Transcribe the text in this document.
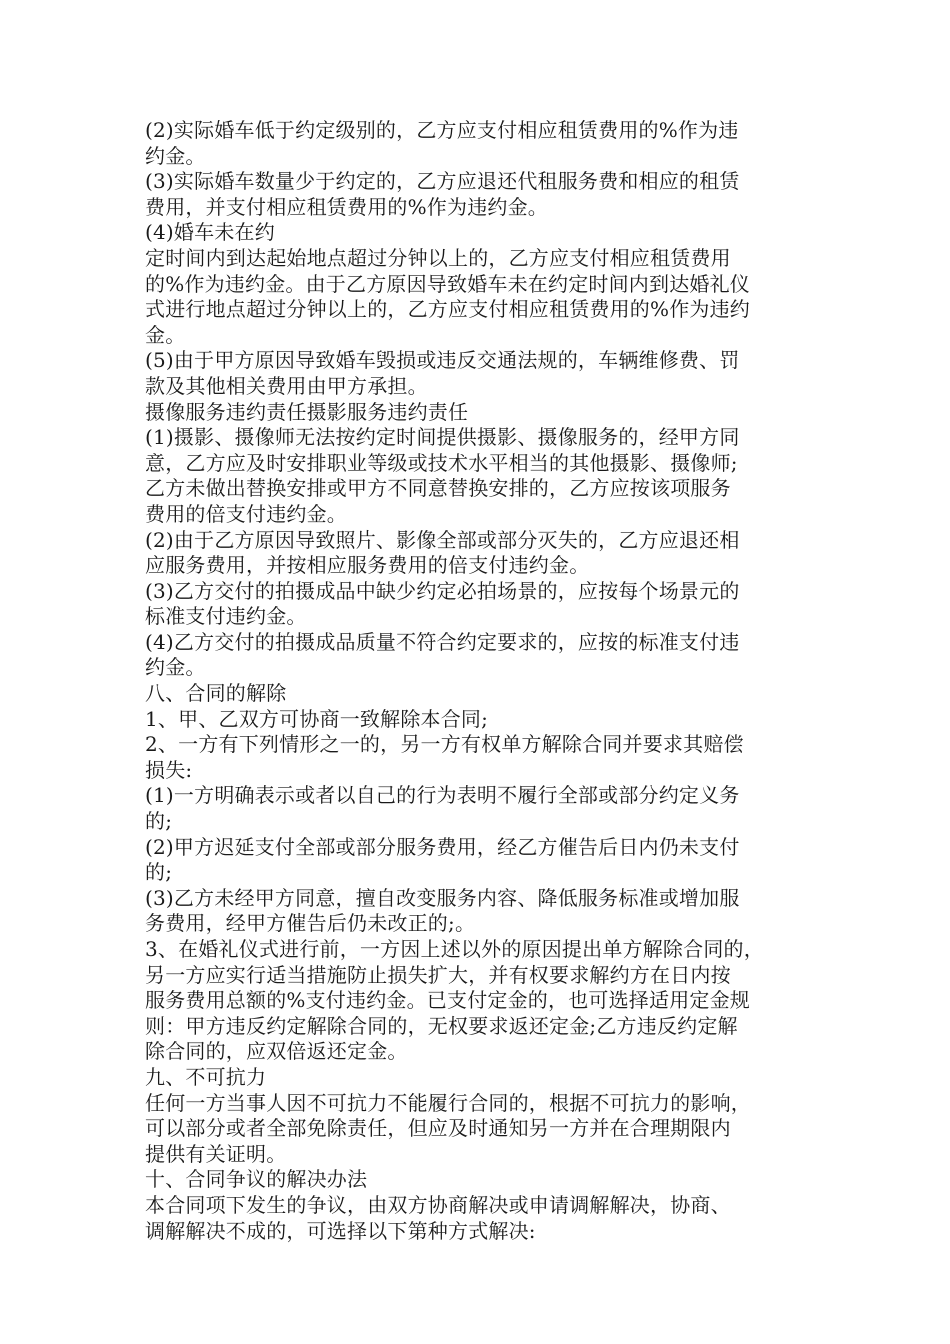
(2)实际婚车低于约定级别的，乙方应支付相应租赁费用的%作为违
约金。
(3)实际婚车数量少于约定的，乙方应退还代租服务费和相应的租赁
费用，并支付相应租赁费用的%作为违约金。
(4)婚车未在约
定时间内到达起始地点超过分钟以上的，乙方应支付相应租赁费用
的%作为违约金。由于乙方原因导致婚车未在约定时间内到达婚礼仪
式进行地点超过分钟以上的，乙方应支付相应租赁费用的%作为违约
金。
(5)由于甲方原因导致婚车毁损或违反交通法规的，车辆维修费、罚
款及其他相关费用由甲方承担。
摄像服务违约责任摄影服务违约责任
(1)摄影、摄像师无法按约定时间提供摄影、摄像服务的，经甲方同
意，乙方应及时安排职业等级或技术水平相当的其他摄影、摄像师;
乙方未做出替换安排或甲方不同意替换安排的，乙方应按该项服务
费用的倍支付违约金。
(2)由于乙方原因导致照片、影像全部或部分灭失的，乙方应退还相
应服务费用，并按相应服务费用的倍支付违约金。
(3)乙方交付的拍摄成品中缺少约定必拍场景的，应按每个场景元的
标准支付违约金。
(4)乙方交付的拍摄成品质量不符合约定要求的，应按的标准支付违
约金。
八、合同的解除
1、甲、乙双方可协商一致解除本合同;
2、一方有下列情形之一的，另一方有权单方解除合同并要求其赔偿
损失:
(1)一方明确表示或者以自己的行为表明不履行全部或部分约定义务
的;
(2)甲方迟延支付全部或部分服务费用，经乙方催告后日内仍未支付
的;
(3)乙方未经甲方同意，擅自改变服务内容、降低服务标准或增加服
务费用，经甲方催告后仍未改正的;。
3、在婚礼仪式进行前，一方因上述以外的原因提出单方解除合同的，
另一方应实行适当措施防止损失扩大，并有权要求解约方在日内按
服务费用总额的%支付违约金。已支付定金的，也可选择适用定金规
则：甲方违反约定解除合同的，无权要求返还定金;乙方违反约定解
除合同的，应双倍返还定金。
九、不可抗力
任何一方当事人因不可抗力不能履行合同的，根据不可抗力的影响，
可以部分或者全部免除责任，但应及时通知另一方并在合理期限内
提供有关证明。
十、合同争议的解决办法
本合同项下发生的争议，由双方协商解决或申请调解解决，协商、
调解解决不成的，可选择以下第种方式解决:
